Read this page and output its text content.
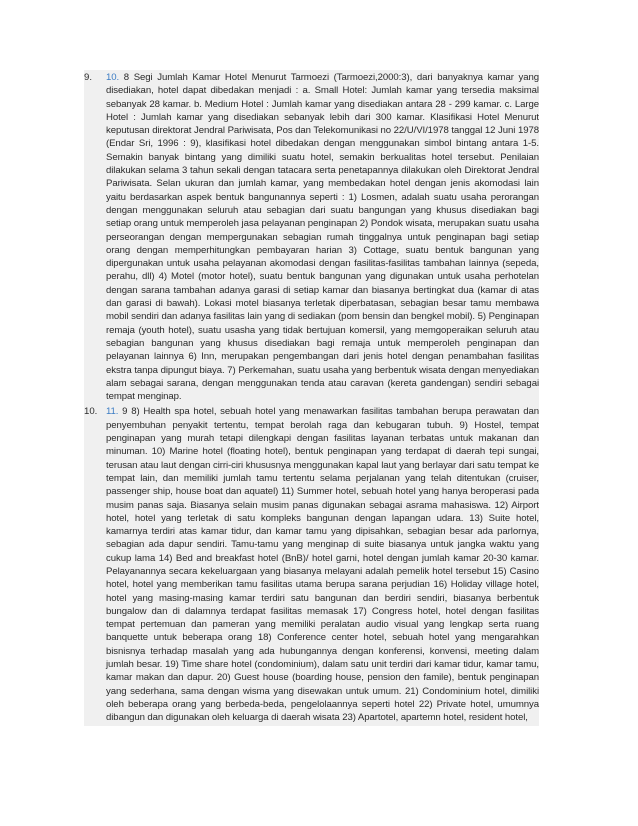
9. 10. 8 Segi Jumlah Kamar Hotel Menurut Tarmoezi (Tarmoezi,2000:3), dari banyaknya kamar yang disediakan, hotel dapat dibedakan menjadi : a. Small Hotel: Jumlah kamar yang tersedia maksimal sebanyak 28 kamar. b. Medium Hotel : Jumlah kamar yang disediakan antara 28 - 299 kamar. c. Large Hotel : Jumlah kamar yang disediakan sebanyak lebih dari 300 kamar. Klasifikasi Hotel Menurut keputusan direktorat Jendral Pariwisata, Pos dan Telekomunikasi no 22/U/VI/1978 tanggal 12 Juni 1978 (Endar Sri, 1996 : 9), klasifikasi hotel dibedakan dengan menggunakan simbol bintang antara 1-5. Semakin banyak bintang yang dimiliki suatu hotel, semakin berkualitas hotel tersebut. Penilaian dilakukan selama 3 tahun sekali dengan tatacara serta penetapannya dilakukan oleh Direktorat Jendral Pariwisata. Selan ukuran dan jumlah kamar, yang membedakan hotel dengan jenis akomodasi lain yaitu berdasarkan aspek bentuk bangunannya seperti : 1) Losmen, adalah suatu usaha perorangan dengan menggunakan seluruh atau sebagian dari suatu bangungan yang khusus disediakan bagi setiap orang untuk memperoleh jasa pelayanan penginapan 2) Pondok wisata, merupakan suatu usaha perseorangan dengan mempergunakan sebagian rumah tinggalnya untuk penginapan bagi setiap orang dengan memperhitungkan pembayaran harian 3) Cottage, suatu bentuk bangunan yang dipergunakan untuk usaha pelayanan akomodasi dengan fasilitas-fasilitas tambahan lainnya (sepeda, perahu, dll) 4) Motel (motor hotel), suatu bentuk bangunan yang digunakan untuk usaha perhotelan dengan sarana tambahan adanya garasi di setiap kamar dan biasanya bertingkat dua (kamar di atas dan garasi di bawah). Lokasi motel biasanya terletak diperbatasan, sebagian besar tamu membawa mobil sendiri dan adanya fasilitas lain yang di sediakan (pom bensin dan bengkel mobil). 5) Penginapan remaja (youth hotel), suatu usasha yang tidak bertujuan komersil, yang memgoperaikan seluruh atau sebagian bangunan yang khusus disediakan bagi remaja untuk memperoleh penginapan dan pelayanan lainnya 6) Inn, merupakan pengembangan dari jenis hotel dengan penambahan fasilitas ekstra tanpa dipungut biaya. 7) Perkemahan, suatu usaha yang berbentuk wisata dengan menyediakan alam sebagai sarana, dengan menggunakan tenda atau caravan (kereta gandengan) sendiri sebagai tempat menginap.
10. 11. 9 8) Health spa hotel, sebuah hotel yang menawarkan fasilitas tambahan berupa perawatan dan penyembuhan penyakit tertentu, tempat berolah raga dan kebugaran tubuh. 9) Hostel, tempat penginapan yang murah tetapi dilengkapi dengan fasilitas layanan terbatas untuk makanan dan minuman. 10) Marine hotel (floating hotel), bentuk penginapan yang terdapat di daerah tepi sungai, terusan atau laut dengan cirri-ciri khususnya menggunakan kapal laut yang berlayar dari satu tempat ke tempat lain, dan memiliki jumlah tamu tertentu selama perjalanan yang telah ditentukan (cruiser, passenger ship, house boat dan aquatel) 11) Summer hotel, sebuah hotel yang hanya beroperasi pada musim panas saja. Biasanya selain musim panas digunakan sebagai asrama mahasiswa. 12) Airport hotel, hotel yang terletak di satu kompleks bangunan dengan lapangan udara. 13) Suite hotel, kamarnya terdiri atas kamar tidur, dan kamar tamu yang dipisahkan, sebagian besar ada parlornya, sebagian ada dapur sendiri. Tamu-tamu yang menginap di suite biasanya untuk jangka waktu yang cukup lama 14) Bed and breakfast hotel (BnB)/ hotel garni, hotel dengan jumlah kamar 20-30 kamar. Pelayanannya secara kekeluargaan yang biasanya melayani adalah pemelik hotel tersebut 15) Casino hotel, hotel yang memberikan tamu fasilitas utama berupa sarana perjudian 16) Holiday village hotel, hotel yang masing-masing kamar terdiri satu bangunan dan berdiri sendiri, biasanya berbentuk bungalow dan di dalamnya terdapat fasilitas memasak 17) Congress hotel, hotel dengan fasilitas tempat pertemuan dan pameran yang memiliki peralatan audio visual yang lengkap serta ruang banquette untuk beberapa orang 18) Conference center hotel, sebuah hotel yang mengarahkan bisnisnya terhadap masalah yang ada hubungannya dengan konferensi, konvensi, meeting dalam jumlah besar. 19) Time share hotel (condominium), dalam satu unit terdiri dari kamar tidur, kamar tamu, kamar makan dan dapur. 20) Guest house (boarding house, pension den famile), bentuk penginapan yang sederhana, sama dengan wisma yang disewakan untuk umum. 21) Condominium hotel, dimiliki oleh beberapa orang yang berbeda-beda, pengelolaannya seperti hotel 22) Private hotel, umumnya dibangun dan digunakan oleh keluarga di daerah wisata 23) Apartotel, apartemn hotel, resident hotel,
